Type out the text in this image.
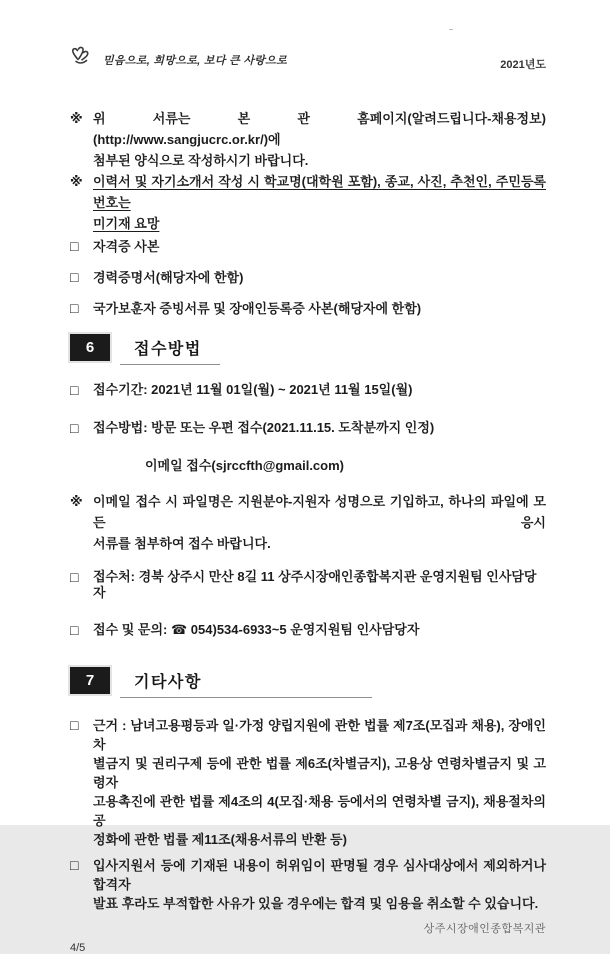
믿음으로, 희망으로, 보다 큰 사랑으로	2021년도
※ 위 서류는 본 관 홈페이지(알려드립니다-채용정보)(http://www.sangjucrc.or.kr/)에
첨부된 양식으로 작성하시기 바랍니다.
※ 이력서 및 자기소개서 작성 시 학교명(대학원 포함), 종교, 사진, 추천인, 주민등록번호는
미기재 요망
□	자격증 사본
□	경력증명서(해당자에 한함)
□	국가보훈자 증빙서류 및 장애인등록증 사본(해당자에 한함)
6	접수방법
□	접수기간: 2021년 11월 01일(월) ~ 2021년 11월 15일(월)
□	접수방법: 방문 또는 우편 접수(2021.11.15. 도착분까지 인정)
이메일 접수(sjrccfth@gmail.com)
※ 이메일 접수 시 파일명은 지원분야-지원자 성명으로 기입하고, 하나의 파일에 모든 응시
서류를 첨부하여 접수 바랍니다.
□	접수처: 경북 상주시 만산 8길 11 상주시장애인종합복지관 운영지원팀 인사담당자
□	접수 및 문의: ☎ 054)534-6933~5 운영지원팀 인사담당자
7	기타사항
□	근거 : 남녀고용평등과 일·가정 양립지원에 관한 법률 제7조(모집과 채용), 장애인 차
별금지 및 권리구제 등에 관한 법률 제6조(차별금지), 고용상 연령차별금지 및 고령자
고용촉진에 관한 법률 제4조의 4(모집·채용 등에서의 연령차별 금지), 채용절차의 공
정화에 관한 법률 제11조(채용서류의 반환 등)
□	입사지원서 등에 기재된 내용이 허위임이 판명될 경우 심사대상에서 제외하거나 합격자
발표 후라도 부적합한 사유가 있을 경우에는 합격 및 임용을 취소할 수 있습니다.
상주시장애인종합복지관
4/5
